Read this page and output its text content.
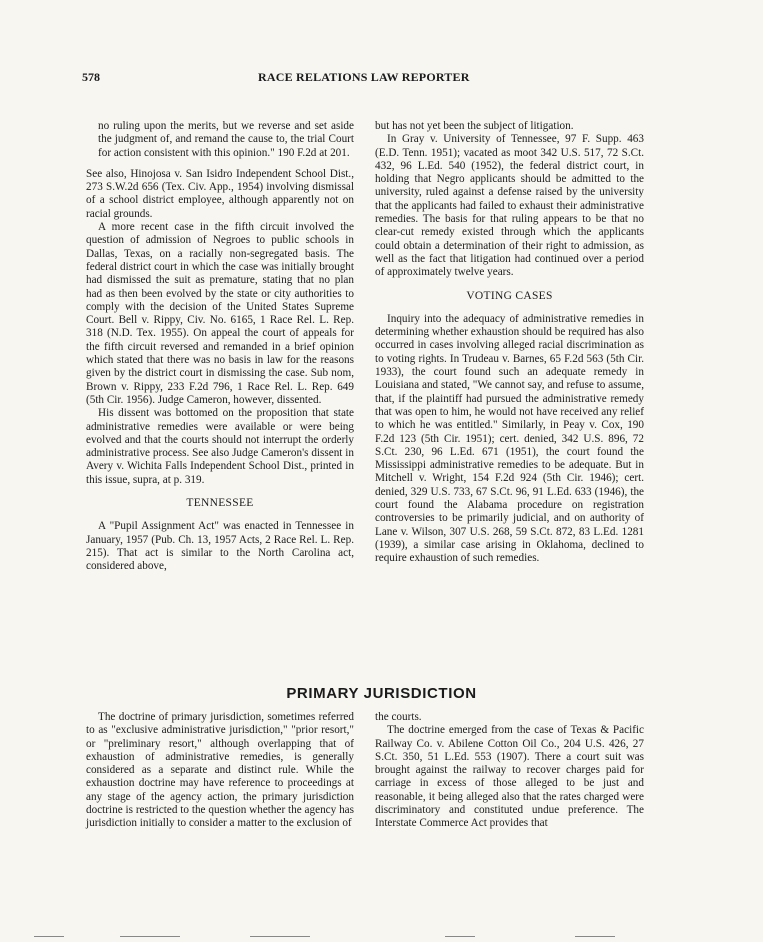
578	RACE RELATIONS LAW REPORTER

no ruling upon the merits, but we reverse and set aside the judgment of, and remand the cause to, the trial Court for action consistent with this opinion." 190 F.2d at 201.

See also, Hinojosa v. San Isidro Independent School Dist., 273 S.W.2d 656 (Tex. Civ. App., 1954) involving dismissal of a school district employee, although apparently not on racial grounds.

A more recent case in the fifth circuit involved the question of admission of Negroes to public schools in Dallas, Texas, on a racially non-segregated basis. The federal district court in which the case was initially brought had dismissed the suit as premature, stating that no plan had as then been evolved by the state or city authorities to comply with the decision of the United States Supreme Court. Bell v. Rippy, Civ. No. 6165, 1 Race Rel. L. Rep. 318 (N.D. Tex. 1955). On appeal the court of appeals for the fifth circuit reversed and remanded in a brief opinion which stated that there was no basis in law for the reasons given by the district court in dismissing the case. Sub nom, Brown v. Rippy, 233 F.2d 796, 1 Race Rel. L. Rep. 649 (5th Cir. 1956). Judge Cameron, however, dissented.

His dissent was bottomed on the proposition that state administrative remedies were available or were being evolved and that the courts should not interrupt the orderly administrative process. See also Judge Cameron's dissent in Avery v. Wichita Falls Independent School Dist., printed in this issue, supra, at p. 319.

TENNESSEE

A "Pupil Assignment Act" was enacted in Tennessee in January, 1957 (Pub. Ch. 13, 1957 Acts, 2 Race Rel. L. Rep. 215). That act is similar to the North Carolina act, considered above,

but has not yet been the subject of litigation.

In Gray v. University of Tennessee, 97 F. Supp. 463 (E.D. Tenn. 1951); vacated as moot 342 U.S. 517, 72 S.Ct. 432, 96 L.Ed. 540 (1952), the federal district court, in holding that Negro applicants should be admitted to the university, ruled against a defense raised by the university that the applicants had failed to exhaust their administrative remedies. The basis for that ruling appears to be that no clear-cut remedy existed through which the applicants could obtain a determination of their right to admission, as well as the fact that litigation had continued over a period of approximately twelve years.

VOTING CASES

Inquiry into the adequacy of administrative remedies in determining whether exhaustion should be required has also occurred in cases involving alleged racial discrimination as to voting rights. In Trudeau v. Barnes, 65 F.2d 563 (5th Cir. 1933), the court found such an adequate remedy in Louisiana and stated, "We cannot say, and refuse to assume, that, if the plaintiff had pursued the administrative remedy that was open to him, he would not have received any relief to which he was entitled." Similarly, in Peay v. Cox, 190 F.2d 123 (5th Cir. 1951); cert. denied, 342 U.S. 896, 72 S.Ct. 230, 96 L.Ed. 671 (1951), the court found the Mississippi administrative remedies to be adequate. But in Mitchell v. Wright, 154 F.2d 924 (5th Cir. 1946); cert. denied, 329 U.S. 733, 67 S.Ct. 96, 91 L.Ed. 633 (1946), the court found the Alabama procedure on registration controversies to be primarily judicial, and on authority of Lane v. Wilson, 307 U.S. 268, 59 S.Ct. 872, 83 L.Ed. 1281 (1939), a similar case arising in Oklahoma, declined to require exhaustion of such remedies.

PRIMARY JURISDICTION

The doctrine of primary jurisdiction, sometimes referred to as "exclusive administrative jurisdiction," "prior resort," or "preliminary resort," although overlapping that of exhaustion of administrative remedies, is generally considered as a separate and distinct rule. While the exhaustion doctrine may have reference to proceedings at any stage of the agency action, the primary jurisdiction doctrine is restricted to the question whether the agency has jurisdiction initially to consider a matter to the exclusion of

the courts.

The doctrine emerged from the case of Texas & Pacific Railway Co. v. Abilene Cotton Oil Co., 204 U.S. 426, 27 S.Ct. 350, 51 L.Ed. 553 (1907). There a court suit was brought against the railway to recover charges paid for carriage in excess of those alleged to be just and reasonable, it being alleged also that the rates charged were discriminatory and constituted undue preference. The Interstate Commerce Act provides that
